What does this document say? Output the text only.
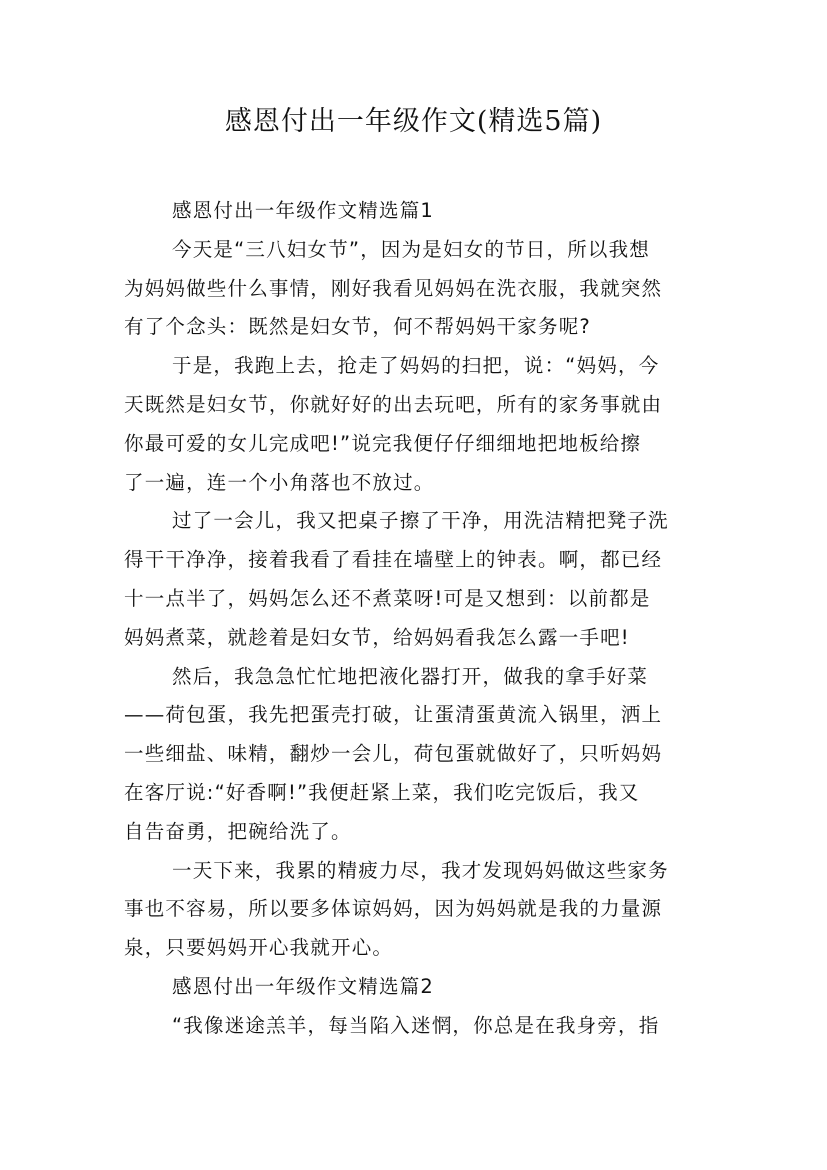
感恩付出一年级作文(精选5篇)
感恩付出一年级作文精选篇1
今天是“三八妇女节”，因为是妇女的节日，所以我想
为妈妈做些什么事情，刚好我看见妈妈在洗衣服，我就突然
有了个念头：既然是妇女节，何不帮妈妈干家务呢?
于是，我跑上去，抢走了妈妈的扫把，说：“妈妈，今
天既然是妇女节，你就好好的出去玩吧，所有的家务事就由
你最可爱的女儿完成吧!”说完我便仔仔细细地把地板给擦
了一遍，连一个小角落也不放过。
过了一会儿，我又把桌子擦了干净，用洗洁精把凳子洗
得干干净净，接着我看了看挂在墙壁上的钟表。啊，都已经
十一点半了，妈妈怎么还不煮菜呀!可是又想到：以前都是
妈妈煮菜，就趁着是妇女节，给妈妈看我怎么露一手吧!
然后，我急急忙忙地把液化器打开，做我的拿手好菜
——荷包蛋，我先把蛋壳打破，让蛋清蛋黄流入锅里，洒上
一些细盐、味精，翻炒一会儿，荷包蛋就做好了，只听妈妈
在客厅说:“好香啊!”我便赶紧上菜，我们吃完饭后，我又
自告奋勇，把碗给洗了。
一天下来，我累的精疲力尽，我才发现妈妈做这些家务
事也不容易，所以要多体谅妈妈，因为妈妈就是我的力量源
泉，只要妈妈开心我就开心。
感恩付出一年级作文精选篇2
“我像迷途羔羊，每当陷入迷惘，你总是在我身旁，指
